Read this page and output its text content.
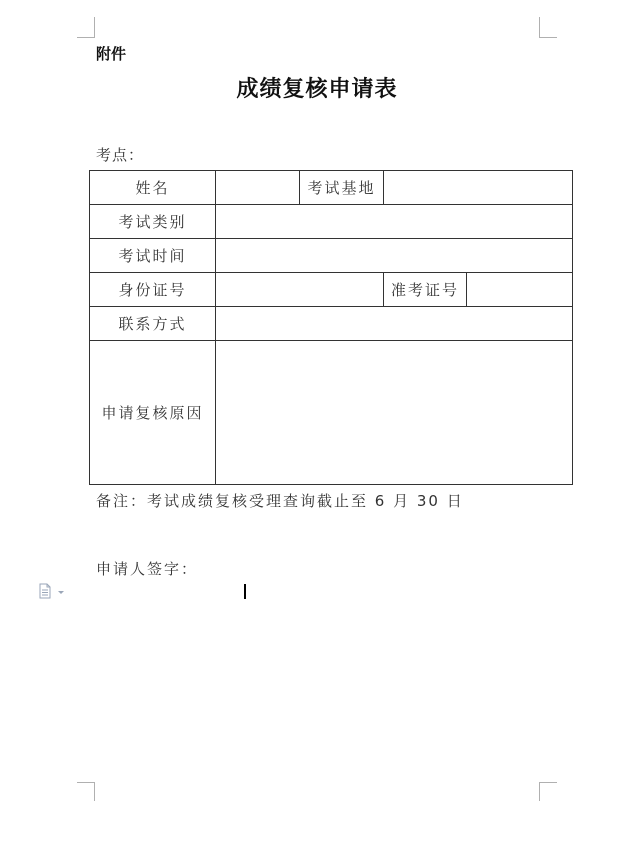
附件
成绩复核申请表
考点：
姓名		考试基地		
考试类别				
考试时间				
身份证号			准考证号	
联系方式				
申请复核原因				
备注：考试成绩复核受理查询截止至 6 月 30 日
申请人签字：
